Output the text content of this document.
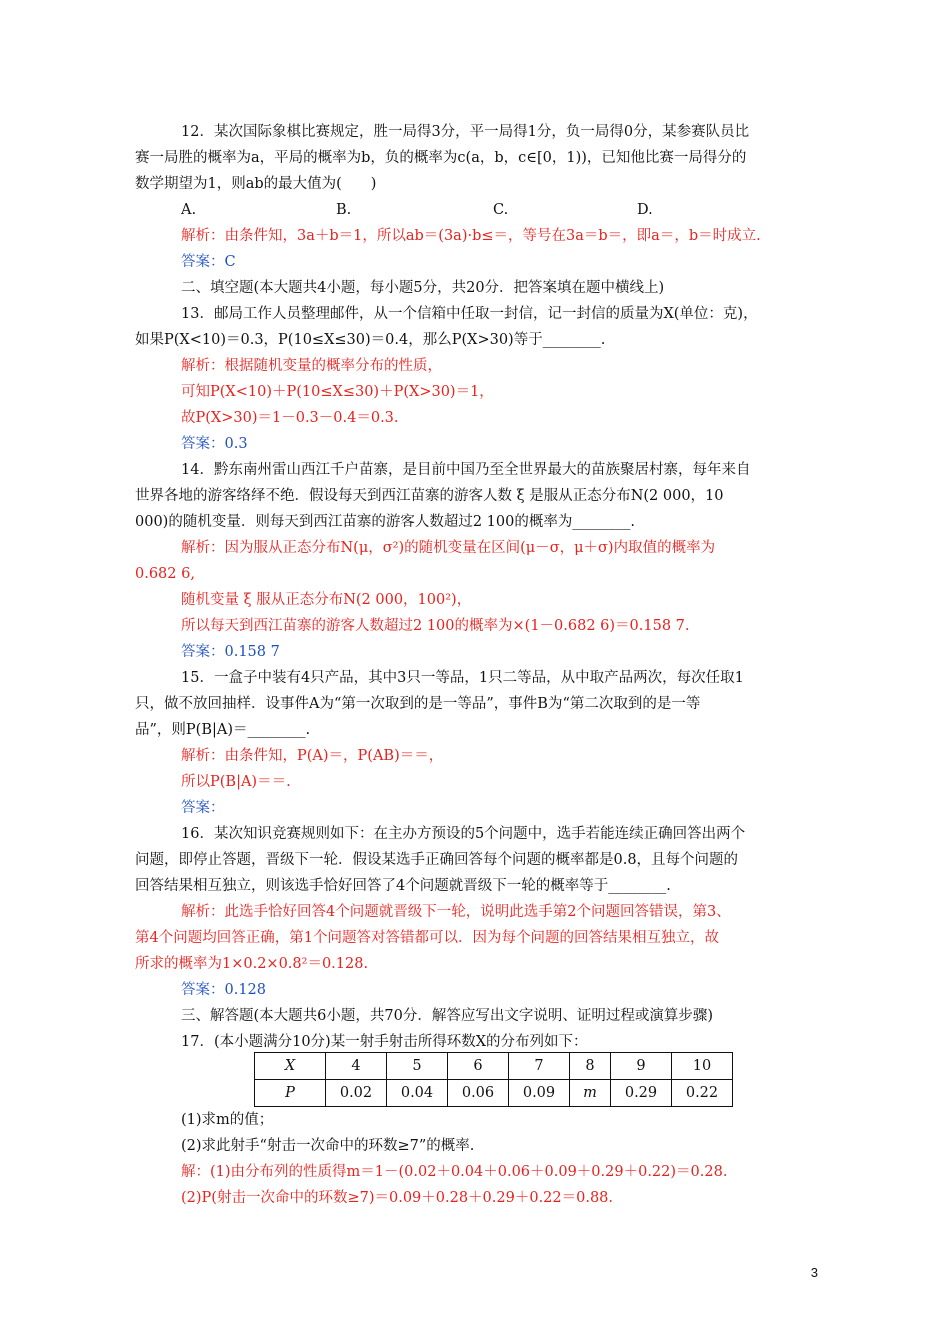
12．某次国际象棋比赛规定，胜一局得3分，平一局得1分，负一局得0分，某参赛队员比
赛一局胜的概率为a，平局的概率为b，负的概率为c(a，b，c∈[0，1))，已知他比赛一局得分的
数学期望为1，则ab的最大值为(　　)
A.	B.	C.	D.
解析：由条件知，3a＋b＝1，所以ab＝(3a)·b≤＝，等号在3a＝b＝，即a＝，b＝时成立.
答案：C
二、填空题(本大题共4小题，每小题5分，共20分．把答案填在题中横线上)
13．邮局工作人员整理邮件，从一个信箱中任取一封信，记一封信的质量为X(单位：克)，
如果P(X<10)＝0.3，P(10≤X≤30)＝0.4，那么P(X>30)等于________.
解析：根据随机变量的概率分布的性质，
可知P(X<10)＋P(10≤X≤30)＋P(X>30)＝1，
故P(X>30)＝1－0.3－0.4＝0.3.
答案：0.3
14．黔东南州雷山西江千户苗寨，是目前中国乃至全世界最大的苗族聚居村寨，每年来自
世界各地的游客络绎不绝．假设每天到西江苗寨的游客人数 ξ 是服从正态分布N(2 000，10
000)的随机变量．则每天到西江苗寨的游客人数超过2 100的概率为________.
解析：因为服从正态分布N(μ，σ²)的随机变量在区间(μ－σ，μ＋σ)内取值的概率为
0.682 6,
随机变量 ξ 服从正态分布N(2 000，100²)，
所以每天到西江苗寨的游客人数超过2 100的概率为×(1－0.682 6)＝0.158 7.
答案：0.158 7
15．一盒子中装有4只产品，其中3只一等品，1只二等品，从中取产品两次，每次任取1
只，做不放回抽样．设事件A为“第一次取到的是一等品”，事件B为“第二次取到的是一等
品”，则P(B|A)＝________.
解析：由条件知，P(A)＝，P(AB)＝＝，
所以P(B|A)＝＝.
答案：
16．某次知识竞赛规则如下：在主办方预设的5个问题中，选手若能连续正确回答出两个
问题，即停止答题，晋级下一轮．假设某选手正确回答每个问题的概率都是0.8，且每个问题的
回答结果相互独立，则该选手恰好回答了4个问题就晋级下一轮的概率等于________.
解析：此选手恰好回答4个问题就晋级下一轮，说明此选手第2个问题回答错误，第3、
第4个问题均回答正确，第1个问题答对答错都可以．因为每个问题的回答结果相互独立，故
所求的概率为1×0.2×0.8²＝0.128.
答案：0.128
三、解答题(本大题共6小题，共70分．解答应写出文字说明、证明过程或演算步骤)
17．(本小题满分10分)某一射手射击所得环数X的分布列如下：
X	4	5	6	7	8	9	10
P	0.02	0.04	0.06	0.09	m	0.29	0.22
(1)求m的值；
(2)求此射手“射击一次命中的环数≥7”的概率.
解：(1)由分布列的性质得m＝1－(0.02＋0.04＋0.06＋0.09＋0.29＋0.22)＝0.28.
(2)P(射击一次命中的环数≥7)＝0.09＋0.28＋0.29＋0.22＝0.88.
3
